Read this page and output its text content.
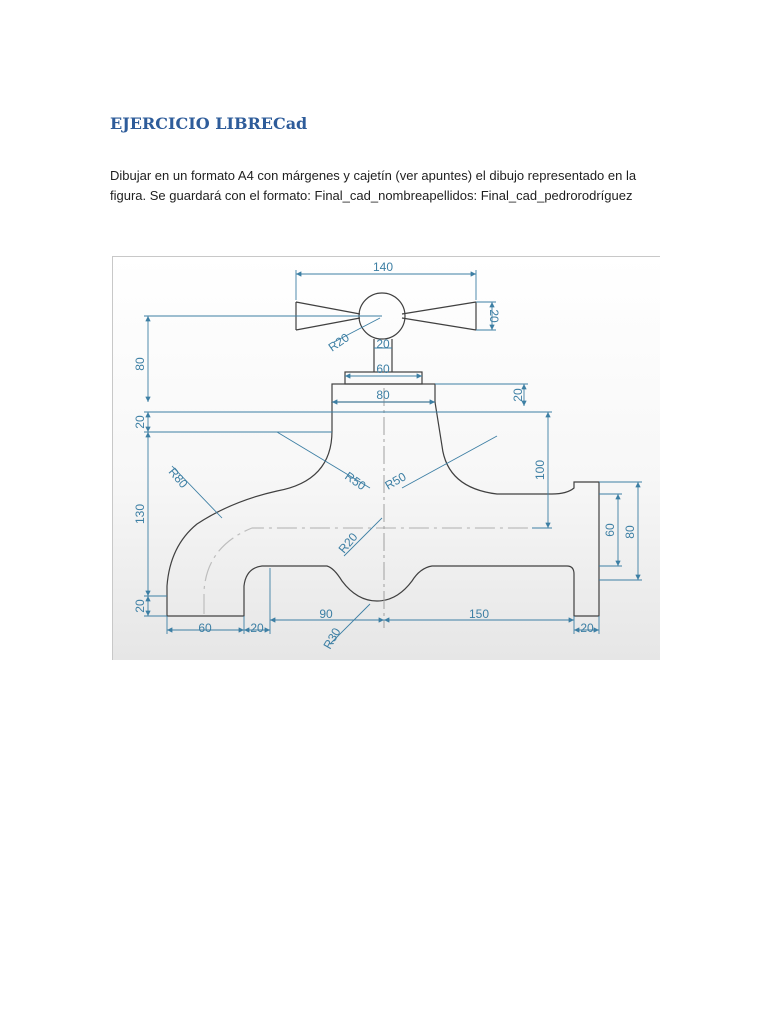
EJERCICIO LIBRECad
Dibujar en un formato A4 con márgenes y cajetín (ver apuntes) el dibujo representado en la
figura. Se guardará con el formato: Final_cad_nombreapellidos: Final_cad_pedrorodríguez
140
20
R20 20
60
80	20
80
20
R50 R50	100
R80
130
R20
60 80
20
60	20
90
R30
150
20
